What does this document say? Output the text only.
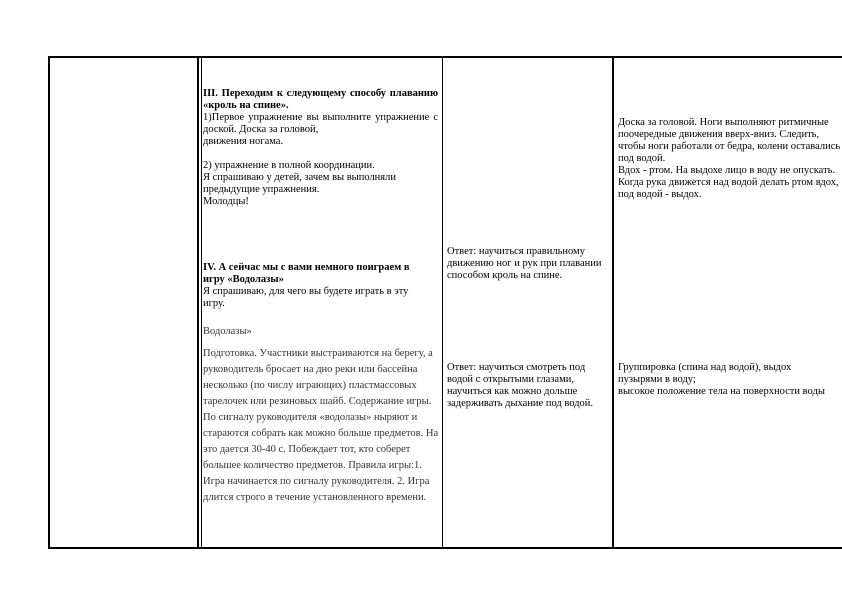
III. Переходим к следующему способу плаванию «кроль на спине».
1)Первое упражнение вы выполните упражнение с доской. Доска за головой,
движения ногама.
2) упражнение в полной координации.
Я спрашиваю у детей, зачем вы выполняли предыдущие упражнения.
Молодцы!
IV. А сейчас мы с вами немного поиграем в игру «Водолазы»
Я спрашиваю, для чего вы будете играть в эту игру.
Водолазы»
Подготовка. Участники выстраиваются на берегу, а руководитель бросает на дно реки или бассейна несколько (по числу играющих) пластмассовых тарелочек или резиновых шайб. Содержание игры. По сигналу руководителя «водолазы» ныряют и стараются собрать как можно больше предметов. На это дается 30-40 с. Побеждает тот, кто соберет большее количество предметов. Правила игры:1. Игра начинается по сигналу руководителя. 2. Игра длится строго в течение установленного времени.
Ответ: научиться правильному движению ног и рук при плавании способом кроль на спине.
Ответ: научиться смотреть под водой с открытыми глазами, научиться как можно дольше задерживать дыхание под водой.
Доска за головой. Ноги выполняют ритмичные поочередные движения вверх-вниз. Следить, чтобы ноги работали от бедра, колени оставались под водой.
Вдох - ртом. На выдохе лицо в воду не опускать.
Когда рука движется над водой делать ртом вдох, под водой - выдох.
Группировка (спина над водой), выдох пузырями в воду;
высокое положение тела на поверхности воды
